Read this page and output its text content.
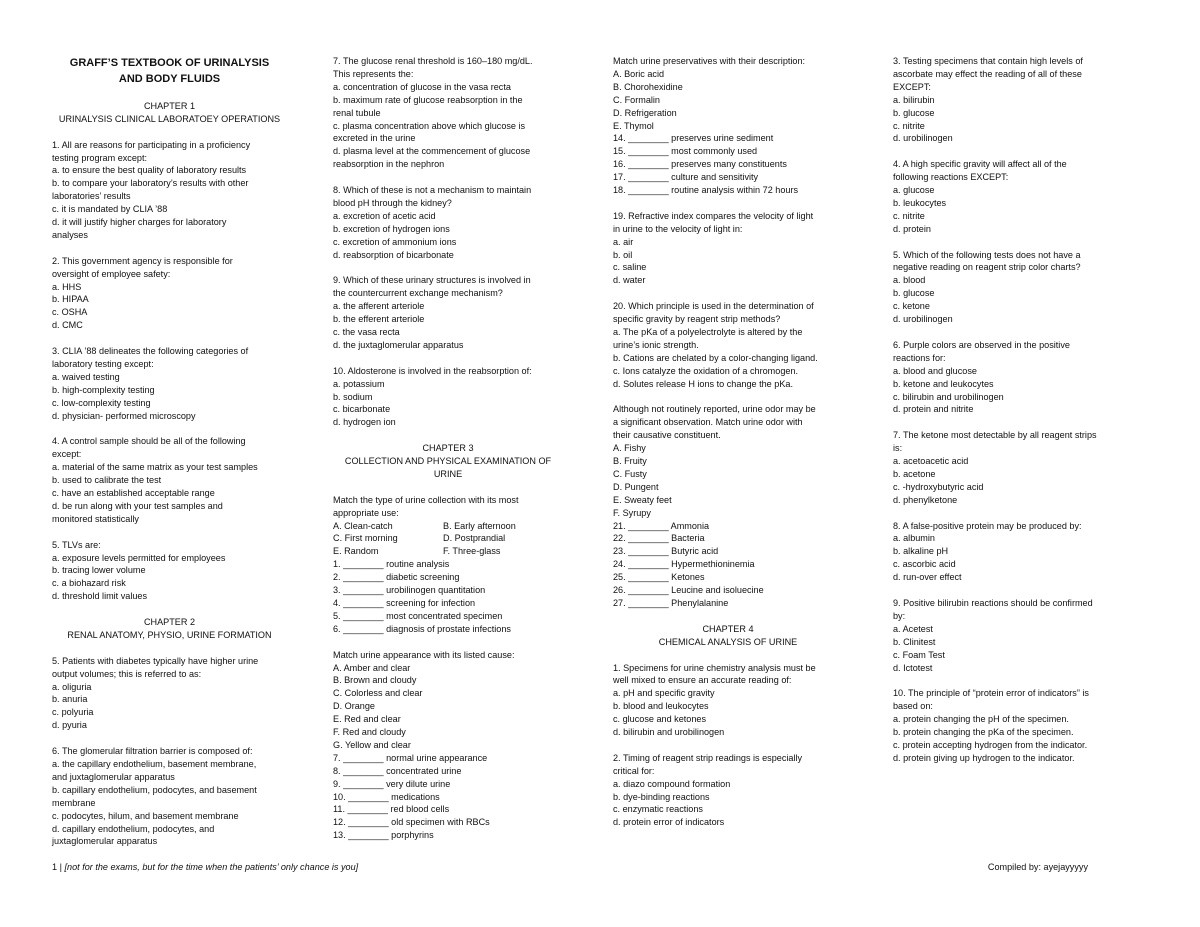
GRAFF’S TEXTBOOK OF URINALYSIS
AND BODY FLUIDS
CHAPTER 1
URINALYSIS CLINICAL LABORATOEY OPERATIONS
1. All are reasons for participating in a proficiency
testing program except:
a. to ensure the best quality of laboratory results
b. to compare your laboratory’s results with other
laboratories’ results
c. it is mandated by CLIA ’88
d. it will justify higher charges for laboratory
analyses
2. This government agency is responsible for
oversight of employee safety:
a. HHS
b. HIPAA
c. OSHA
d. CMC
3. CLIA ’88 delineates the following categories of
laboratory testing except:
a. waived testing
b. high-complexity testing
c. low-complexity testing
d. physician- performed microscopy
4. A control sample should be all of the following
except:
a. material of the same matrix as your test samples
b. used to calibrate the test
c. have an established acceptable range
d. be run along with your test samples and
monitored statistically
5. TLVs are:
a. exposure levels permitted for employees
b. tracing lower volume
c. a biohazard risk
d. threshold limit values
CHAPTER 2
RENAL ANATOMY, PHYSIO, URINE FORMATION
5. Patients with diabetes typically have higher urine
output volumes; this is referred to as:
a. oliguria
b. anuria
c. polyuria
d. pyuria
6. The glomerular filtration barrier is composed of:
a. the capillary endothelium, basement membrane,
and juxtaglomerular apparatus
b. capillary endothelium, podocytes, and basement
membrane
c. podocytes, hilum, and basement membrane
d. capillary endothelium, podocytes, and
juxtaglomerular apparatus
7. The glucose renal threshold is 160–180 mg/dL.
This represents the:
a. concentration of glucose in the vasa recta
b. maximum rate of glucose reabsorption in the
renal tubule
c. plasma concentration above which glucose is
excreted in the urine
d. plasma level at the commencement of glucose
reabsorption in the nephron
8. Which of these is not a mechanism to maintain
blood pH through the kidney?
a. excretion of acetic acid
b. excretion of hydrogen ions
c. excretion of ammonium ions
d. reabsorption of bicarbonate
9. Which of these urinary structures is involved in
the countercurrent exchange mechanism?
a. the afferent arteriole
b. the efferent arteriole
c. the vasa recta
d. the juxtaglomerular apparatus
10. Aldosterone is involved in the reabsorption of:
a. potassium
b. sodium
c. bicarbonate
d. hydrogen ion
CHAPTER 3
COLLECTION AND PHYSICAL EXAMINATION OF
URINE
Match the type of urine collection with its most
appropriate use:
A. Clean-catch	B. Early afternoon
C. First morning	D. Postprandial
E. Random	F. Three-glass
1. ________ routine analysis
2. ________ diabetic screening
3. ________ urobilinogen quantitation
4. ________ screening for infection
5. ________ most concentrated specimen
6. ________ diagnosis of prostate infections
Match urine appearance with its listed cause:
A. Amber and clear
B. Brown and cloudy
C. Colorless and clear
D. Orange
E. Red and clear
F. Red and cloudy
G. Yellow and clear
7. ________ normal urine appearance
8. ________ concentrated urine
9. ________ very dilute urine
10. ________ medications
11. ________ red blood cells
12. ________ old specimen with RBCs
13. ________ porphyrins
Match urine preservatives with their description:
A. Boric acid
B. Chorohexidine
C. Formalin
D. Refrigeration
E. Thymol
14. ________ preserves urine sediment
15. ________ most commonly used
16. ________ preserves many constituents
17. ________ culture and sensitivity
18. ________ routine analysis within 72 hours
19. Refractive index compares the velocity of light
in urine to the velocity of light in:
a. air
b. oil
c. saline
d. water
20. Which principle is used in the determination of
specific gravity by reagent strip methods?
a. The pKa of a polyelectrolyte is altered by the
urine’s ionic strength.
b. Cations are chelated by a color-changing ligand.
c. Ions catalyze the oxidation of a chromogen.
d. Solutes release H ions to change the pKa.
Although not routinely reported, urine odor may be
a significant observation. Match urine odor with
their causative constituent.
A. Fishy
B. Fruity
C. Fusty
D. Pungent
E. Sweaty feet
F. Syrupy
21. ________ Ammonia
22. ________ Bacteria
23. ________ Butyric acid
24. ________ Hypermethioninemia
25. ________ Ketones
26. ________ Leucine and isoluecine
27. ________ Phenylalanine
CHAPTER 4
CHEMICAL ANALYSIS OF URINE
1. Specimens for urine chemistry analysis must be
well mixed to ensure an accurate reading of:
a. pH and specific gravity
b. blood and leukocytes
c. glucose and ketones
d. bilirubin and urobilinogen
2. Timing of reagent strip readings is especially
critical for:
a. diazo compound formation
b. dye-binding reactions
c. enzymatic reactions
d. protein error of indicators
3. Testing specimens that contain high levels of
ascorbate may effect the reading of all of these
EXCEPT:
a. bilirubin
b. glucose
c. nitrite
d. urobilinogen
4. A high specific gravity will affect all of the
following reactions EXCEPT:
a. glucose
b. leukocytes
c. nitrite
d. protein
5. Which of the following tests does not have a
negative reading on reagent strip color charts?
a. blood
b. glucose
c. ketone
d. urobilinogen
6. Purple colors are observed in the positive
reactions for:
a. blood and glucose
b. ketone and leukocytes
c. bilirubin and urobilinogen
d. protein and nitrite
7. The ketone most detectable by all reagent strips
is:
a. acetoacetic acid
b. acetone
c. -hydroxybutyric acid
d. phenylketone
8. A false-positive protein may be produced by:
a. albumin
b. alkaline pH
c. ascorbic acid
d. run-over effect
9. Positive bilirubin reactions should be confirmed
by:
a. Acetest
b. Clinitest
c. Foam Test
d. Ictotest
10. The principle of “protein error of indicators” is
based on:
a. protein changing the pH of the specimen.
b. protein changing the pKa of the specimen.
c. protein accepting hydrogen from the indicator.
d. protein giving up hydrogen to the indicator.
1 | [not for the exams, but for the time when the patients’ only chance is you]	Compiled by: ayejayyyyy
